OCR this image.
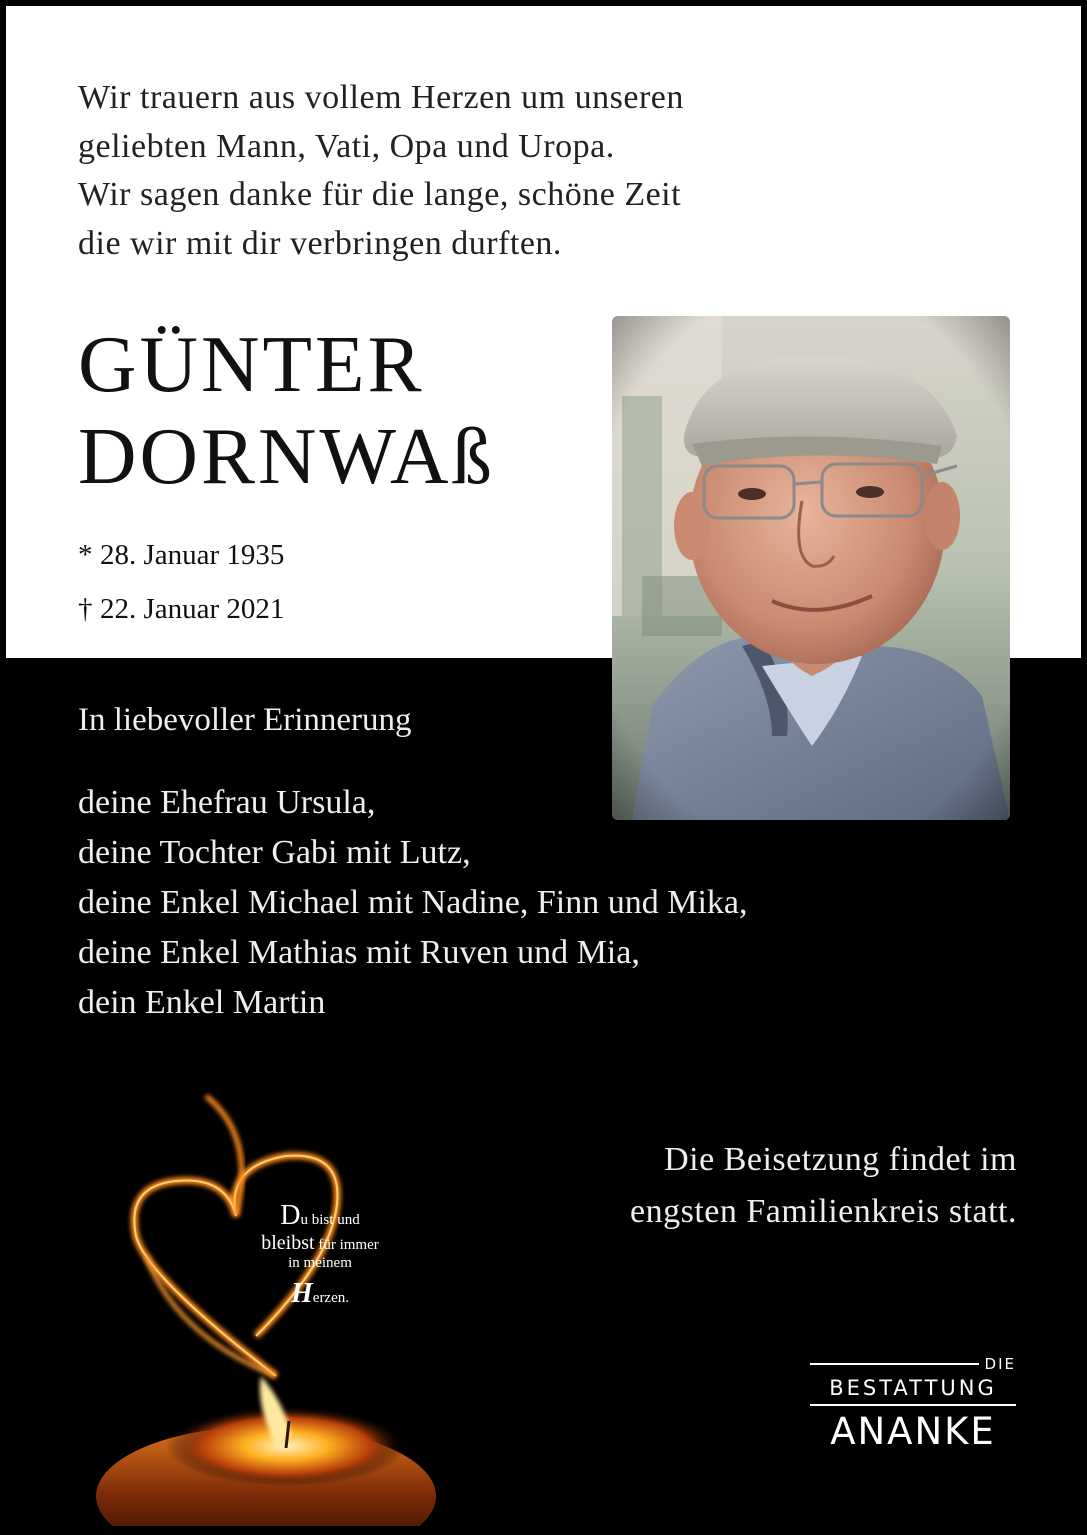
Wir trauern aus vollem Herzen um unseren
geliebten Mann, Vati, Opa und Uropa.
Wir sagen danke für die lange, schöne Zeit
die wir mit dir verbringen durften.
GÜNTER
DORNWAß
* 28. Januar 1935
† 22. Januar 2021
In liebevoller Erinnerung
deine Ehefrau Ursula,
deine Tochter Gabi mit Lutz,
deine Enkel Michael mit Nadine, Finn und Mika,
deine Enkel Mathias mit Ruven und Mia,
dein Enkel Martin
Du bist und
bleibst für immer
in meinem
Herzen.
Die Beisetzung findet im
engsten Familienkreis statt.
DIE
BESTATTUNG
ANANKE
